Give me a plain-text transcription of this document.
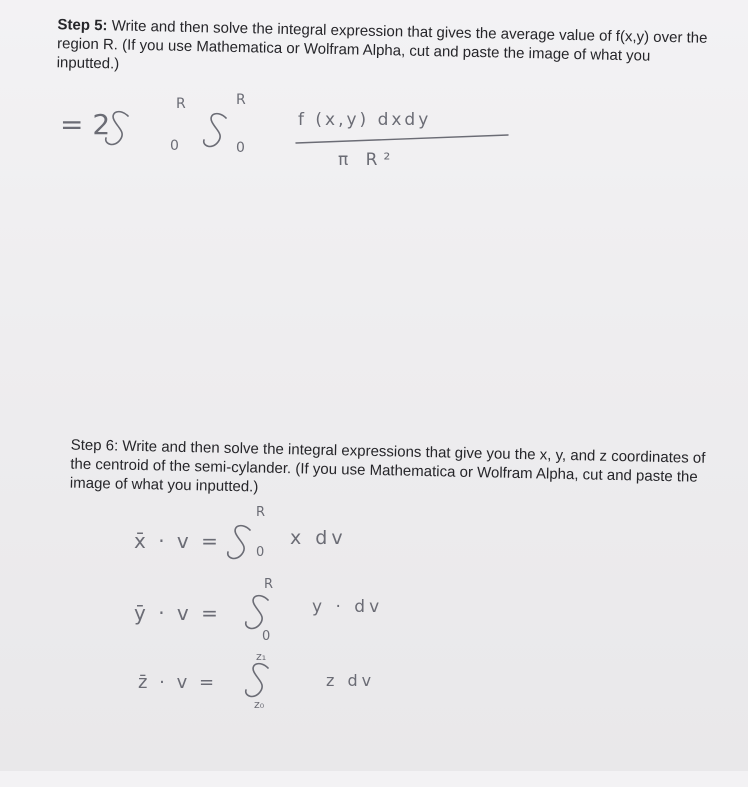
Step 5: Write and then solve the integral expression that gives the average value of f(x,y) over the region R. (If you use Mathematica or Wolfram Alpha, cut and paste the image of what you inputted.)
Step 6: Write and then solve the integral expressions that give you the x, y, and z coordinates of the centroid of the semi-cylander. (If you use Mathematica or Wolfram Alpha, cut and paste the image of what you inputted.)
= 2
R
0
R
0
f (x,y) dxdy
π R²
x̄ · v =
R
0
x dv
ȳ · v =
R
0
y · dv
z̄ · v =
z₁
z₀
z dv
